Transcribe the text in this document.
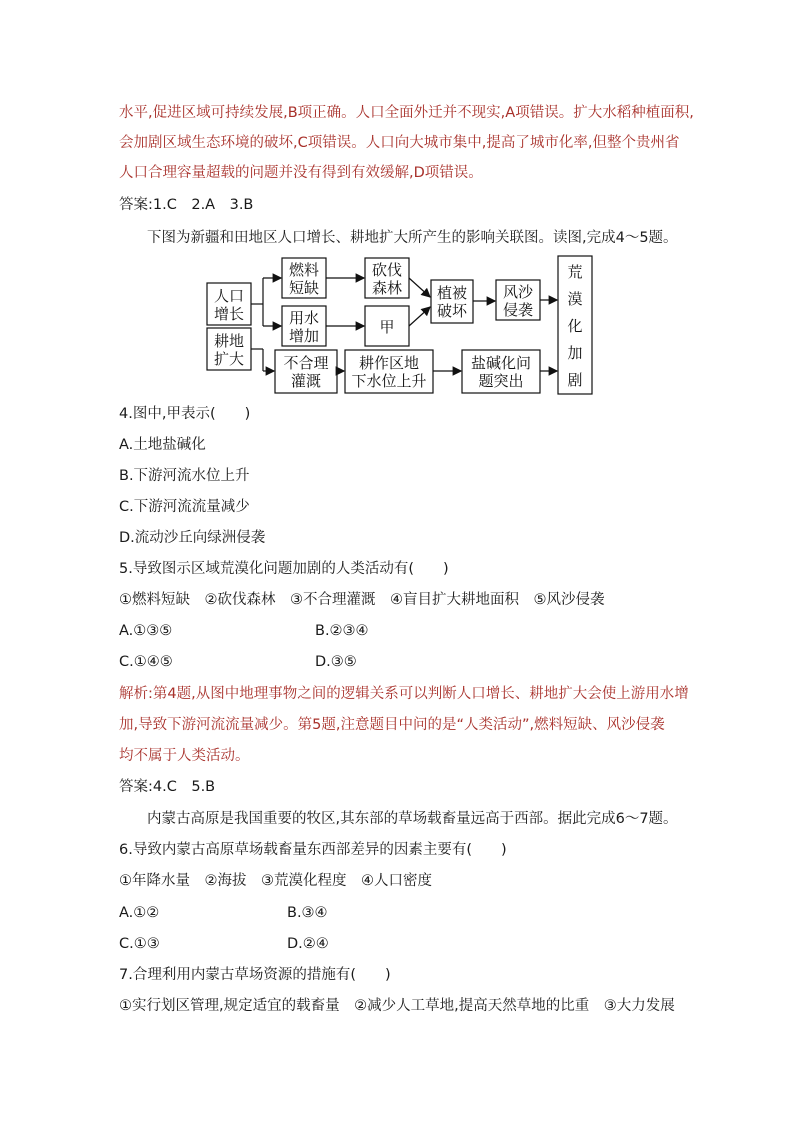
水平,促进区域可持续发展,B项正确。人口全面外迁并不现实,A项错误。扩大水稻种植面积,
会加剧区域生态环境的破坏,C项错误。人口向大城市集中,提高了城市化率,但整个贵州省
人口合理容量超载的问题并没有得到有效缓解,D项错误。
答案:1.C　2.A　3.B
下图为新疆和田地区人口增长、耕地扩大所产生的影响关联图。读图,完成4～5题。
人口
增长
耕地
扩大
燃料
短缺
用水
增加
不合理
灌溉
砍伐
森林
甲
耕作区地
下水位上升
植被
破坏
风沙
侵袭
盐碱化问
题突出
荒
漠
化
加
剧
4.图中,甲表示(　　)
A.土地盐碱化
B.下游河流水位上升
C.下游河流流量减少
D.流动沙丘向绿洲侵袭
5.导致图示区域荒漠化问题加剧的人类活动有(　　)
①燃料短缺　②砍伐森林　③不合理灌溉　④盲目扩大耕地面积　⑤风沙侵袭
A.①③⑤	B.②③④
C.①④⑤	D.③⑤
解析:第4题,从图中地理事物之间的逻辑关系可以判断人口增长、耕地扩大会使上游用水增
加,导致下游河流流量减少。第5题,注意题目中问的是“人类活动”,燃料短缺、风沙侵袭
均不属于人类活动。
答案:4.C　5.B
内蒙古高原是我国重要的牧区,其东部的草场载畜量远高于西部。据此完成6～7题。
6.导致内蒙古高原草场载畜量东西部差异的因素主要有(　　)
①年降水量　②海拔　③荒漠化程度　④人口密度
A.①②	B.③④
C.①③	D.②④
7.合理利用内蒙古草场资源的措施有(　　)
①实行划区管理,规定适宜的载畜量　②减少人工草地,提高天然草地的比重　③大力发展
